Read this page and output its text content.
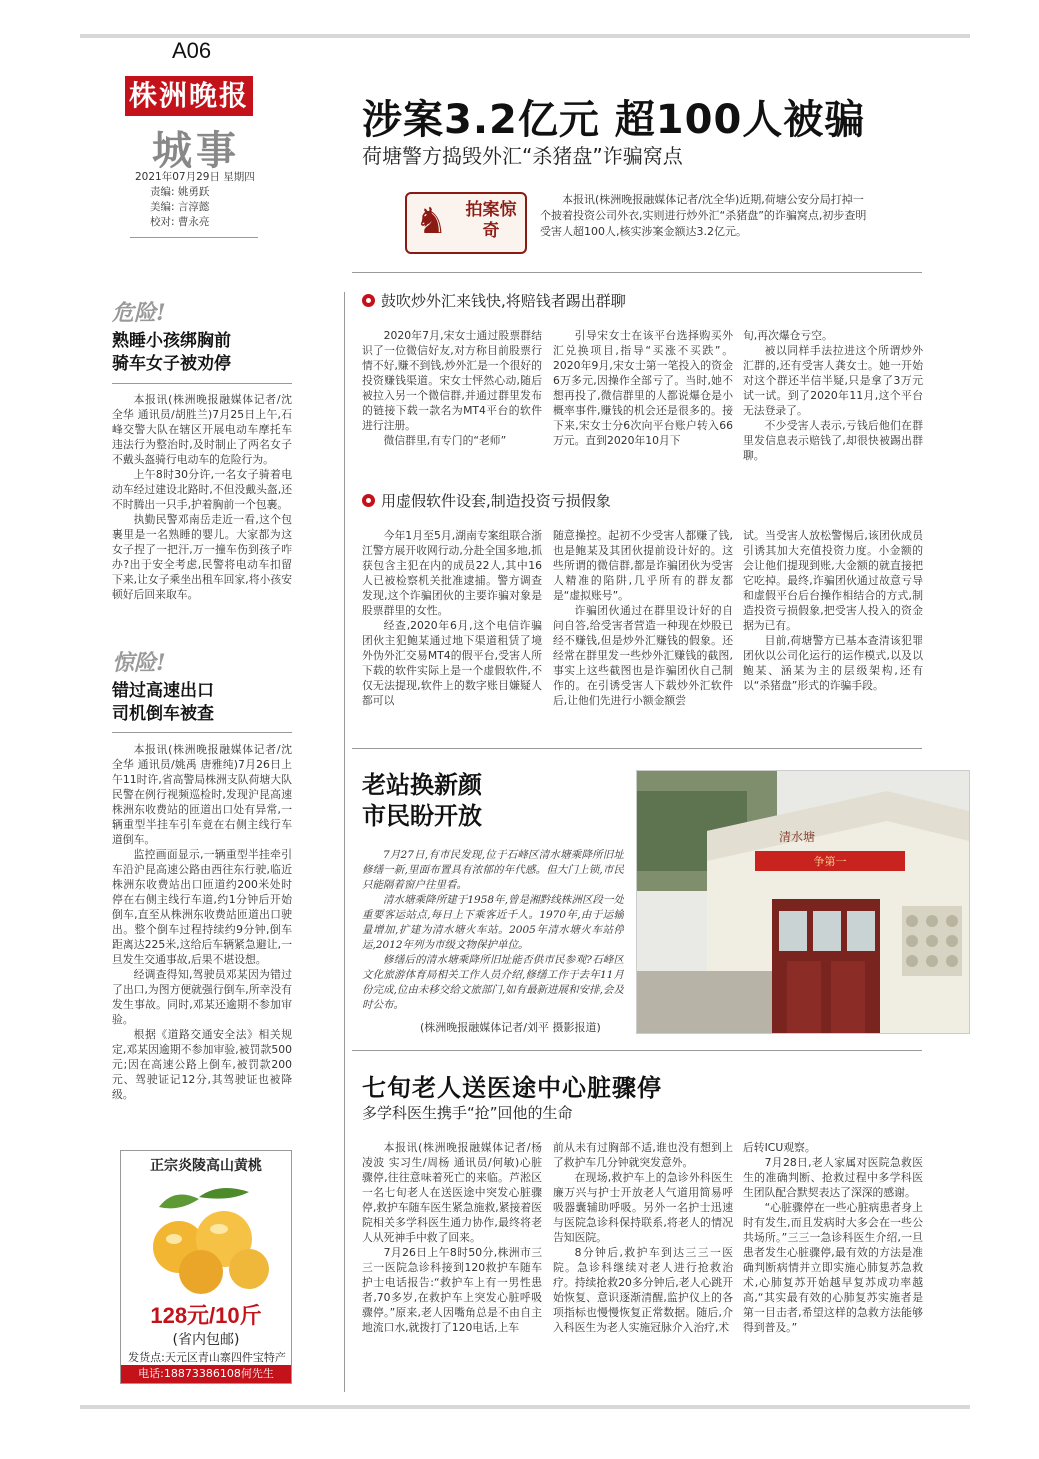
A06
株洲晚报
城事
2021年07月29日 星期四
责编: 姚勇跃
美编: 言淳懿
校对: 曹永亮
涉案3.2亿元 超100人被骗
荷塘警方捣毁外汇“杀猪盘”诈骗窝点
♞ 拍案惊奇
本报讯(株洲晚报融媒体记者/沈全华)近期,荷塘公安分局打掉一个披着投资公司外衣,实则进行炒外汇“杀猪盘”的诈骗窝点,初步查明受害人超100人,核实涉案金额达3.2亿元。
鼓吹炒外汇来钱快,将赔钱者踢出群聊

2020年7月,宋女士通过股票群结识了一位微信好友,对方称目前股票行情不好,赚不到钱,炒外汇是一个很好的投资赚钱渠道。宋女士怦然心动,随后被拉入另一个微信群,并通过群里发布的链接下载一款名为MT4平台的软件进行注册。

微信群里,有专门的“老师”

引导宋女士在该平台选择购买外汇兑换项目,指导“买涨不买跌”。2020年9月,宋女士第一笔投入的资金6万多元,因操作全部亏了。当时,她不想再投了,微信群里的人都说爆仓是小概率事件,赚钱的机会还是很多的。接下来,宋女士分6次向平台账户转入66万元。直到2020年10月下

旬,再次爆仓亏空。

被以同样手法拉进这个所谓炒外汇群的,还有受害人龚女士。她一开始对这个群还半信半疑,只是拿了3万元试一试。到了2020年11月,这个平台无法登录了。

不少受害人表示,亏钱后他们在群里发信息表示赔钱了,却很快被踢出群聊。

用虚假软件设套,制造投资亏损假象

今年1月至5月,湖南专案组联合浙江警方展开收网行动,分赴全国多地,抓获包含主犯在内的成员22人,其中16人已被检察机关批准逮捕。警方调查发现,这个诈骗团伙的主要诈骗对象是股票群里的女性。

经查,2020年6月,这个电信诈骗团伙主犯鲍某通过地下渠道租赁了境外伪外汇交易MT4的假平台,受害人所下载的软件实际上是一个虚假软件,不仅无法提现,软件上的数字账目嫌疑人都可以

随意操控。起初不少受害人都赚了钱,也是鲍某及其团伙提前设计好的。这些所谓的微信群,都是诈骗团伙为受害人精准的陷阱,几乎所有的群友都是“虚拟账号”。

诈骗团伙通过在群里设计好的自问自答,给受害者营造一种现在炒股已经不赚钱,但是炒外汇赚钱的假象。还经常在群里发一些炒外汇赚钱的截图,事实上这些截图也是诈骗团伙自己制作的。在引诱受害人下载炒外汇软件后,让他们先进行小额金额尝

试。当受害人放松警惕后,该团伙成员引诱其加大充值投资力度。小金额的会让他们提现到账,大金额的就直接把它吃掉。最终,诈骗团伙通过故意亏导和虚假平台后台操作相结合的方式,制造投资亏损假象,把受害人投入的资金据为已有。

目前,荷塘警方已基本查清该犯罪团伙以公司化运行的运作模式,以及以鲍某、涵某为主的层级架构,还有以“杀猪盘”形式的诈骗手段。

老站换新颜
市民盼开放

7月27日,有市民发现,位于石峰区清水塘乘降所旧址修缮一新,里面布置具有浓郁的年代感。但大门上锁,市民只能隔着窗户往里看。

清水塘乘降所建于1958年,曾是湘黔线株洲区段一处重要客运站点,每日上下乘客近千人。1970年,由于运输量增加,扩建为清水塘火车站。2005年清水塘火车站停运,2012年列为市级文物保护单位。

修缮后的清水塘乘降所旧址能否供市民参观?石峰区文化旅游体育局相关工作人员介绍,修缮工作于去年11月份完成,位由未移交给文旅部门,如有最新进展和安排,会及时公布。

(株洲晚报融媒体记者/刘平 摄影报道)
争第一
清水塘
七旬老人送医途中心脏骤停
多学科医生携手“抢”回他的生命

本报讯(株洲晚报融媒体记者/杨凌波 实习生/周杨 通讯员/何敏)心脏骤停,往往意味着死亡的来临。芦淞区一名七旬老人在送医途中突发心脏骤停,救护车随车医生紧急施救,紧接着医院相关多学科医生通力协作,最终将老人从死神手中救了回来。

7月26日上午8时50分,株洲市三三一医院急诊科接到120救护车随车护士电话报告:“救护车上有一男性患者,70多岁,在救护车上突发心脏呼吸骤停。”原来,老人因嘴角总是不由自主地流口水,就拨打了120电话,上车

前从未有过胸部不适,谁也没有想到上了救护车几分钟就突发意外。

在现场,救护车上的急诊外科医生廉万兴与护士开放老人气道用简易呼吸器囊辅助呼吸。另外一名护士迅速与医院急诊科保持联系,将老人的情况告知医院。

8分钟后,救护车到达三三一医院。急诊科继续对老人进行抢救治疗。持续抢救20多分钟后,老人心跳开始恢复、意识逐渐清醒,监护仪上的各项指标也慢慢恢复正常数据。随后,介入科医生为老人实施冠脉介入治疗,术

后转ICU观察。

7月28日,老人家属对医院急救医生的准确判断、抢救过程中多学科医生团队配合默契表达了深深的感谢。

“心脏骤停在一些心脏病患者身上时有发生,而且发病时大多会在一些公共场所。”三三一急诊科医生介绍,一旦患者发生心脏骤停,最有效的方法是准确判断病情并立即实施心肺复苏急救术,心肺复苏开始越早复苏成功率越高,“其实最有效的心肺复苏实施者是第一目击者,希望这样的急救方法能够得到普及。”

危险!
熟睡小孩绑胸前
骑车女子被劝停

本报讯(株洲晚报融媒体记者/沈全华 通讯员/胡胜兰)7月25日上午,石峰交警大队在辖区开展电动车摩托车违法行为整治时,及时制止了两名女子不戴头盔骑行电动车的危险行为。

上午8时30分许,一名女子骑着电动车经过建设北路时,不但没戴头盔,还不时腾出一只手,护着胸前一个包裹。

执勤民警邓南岳走近一看,这个包裹里是一名熟睡的婴儿。大家都为这女子捏了一把汗,万一撞车伤到孩子咋办?出于安全考虑,民警将电动车扣留下来,让女子乘坐出租车回家,将小孩安顿好后回来取车。

惊险!
错过高速出口
司机倒车被查

本报讯(株洲晚报融媒体记者/沈全华 通讯员/姚禹 唐雅纯)7月26日上午11时许,省高警局株洲支队荷塘大队民警在例行视频巡检时,发现沪昆高速株洲东收费站的匝道出口处有异常,一辆重型半挂车引车竟在右侧主线行车道倒车。

监控画面显示,一辆重型半挂牵引车沿沪昆高速公路由西往东行驶,临近株洲东收费站出口匝道约200米处时停在右侧主线行车道,约1分钟后开始倒车,直至从株洲东收费站匝道出口驶出。整个倒车过程持续约9分钟,倒车距离达225米,这给后车辆紧急避让,一旦发生交通事故,后果不堪设想。

经调查得知,驾驶员邓某因为错过了出口,为图方便就强行倒车,所幸没有发生事故。同时,邓某还逾期不参加审验。

根据《道路交通安全法》相关规定,邓某因逾期不参加审验,被罚款500元;因在高速公路上倒车,被罚款200元、驾驶证记12分,其驾驶证也被降级。

正宗炎陵高山黄桃
128元/10斤
(省内包邮)
发货点:天元区青山寨四件宝特产
电话:18873386108何先生
